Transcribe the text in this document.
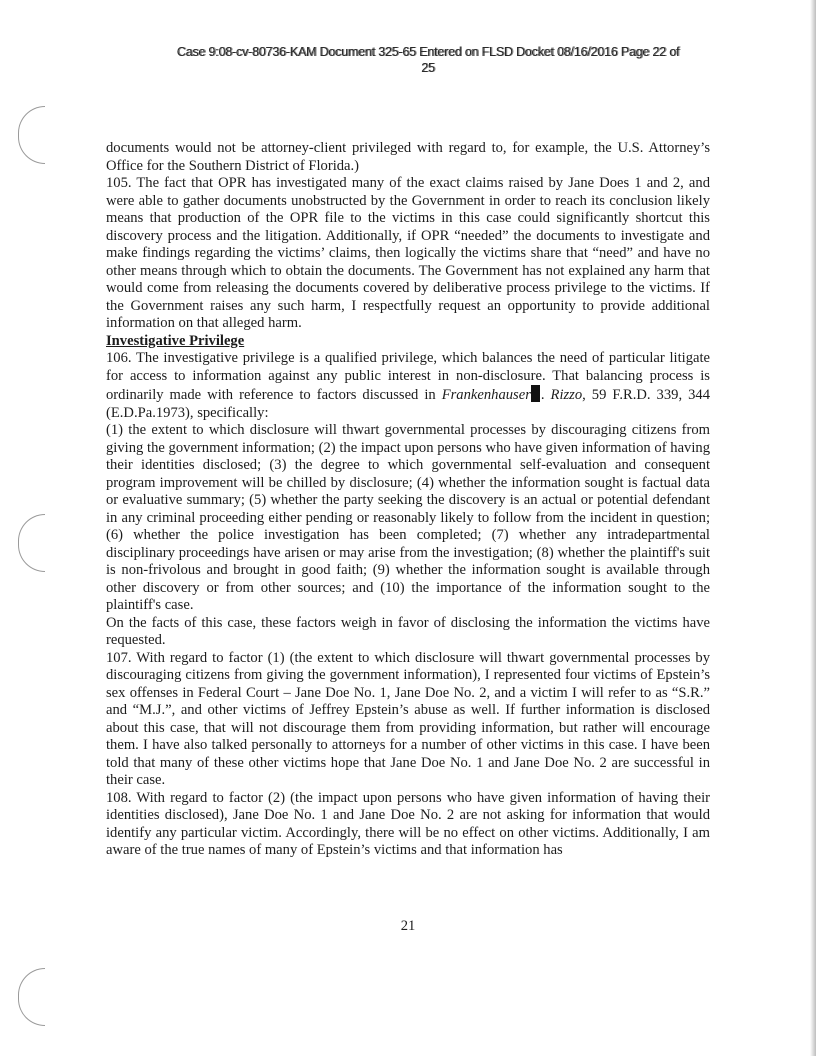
Case 9:08-cv-80736-KAM Document 325-65 Entered on FLSD Docket 08/16/2016 Page 22 of
25

documents would not be attorney-client privileged with regard to, for example, the U.S. Attorney’s Office for the Southern District of Florida.)

105. The fact that OPR has investigated many of the exact claims raised by Jane Does 1 and 2, and were able to gather documents unobstructed by the Government in order to reach its conclusion likely means that production of the OPR file to the victims in this case could significantly shortcut this discovery process and the litigation. Additionally, if OPR “needed” the documents to investigate and make findings regarding the victims’ claims, then logically the victims share that “need” and have no other means through which to obtain the documents. The Government has not explained any harm that would come from releasing the documents covered by deliberative process privilege to the victims. If the Government raises any such harm, I respectfully request an opportunity to provide additional information on that alleged harm.

Investigative Privilege

106. The investigative privilege is a qualified privilege, which balances the need of particular litigate for access to information against any public interest in non-disclosure. That balancing process is ordinarily made with reference to factors discussed in Frankenhauser . Rizzo, 59 F.R.D. 339, 344 (E.D.Pa.1973), specifically:

(1) the extent to which disclosure will thwart governmental processes by discouraging citizens from giving the government information; (2) the impact upon persons who have given information of having their identities disclosed; (3) the degree to which governmental self-evaluation and consequent program improvement will be chilled by disclosure; (4) whether the information sought is factual data or evaluative summary; (5) whether the party seeking the discovery is an actual or potential defendant in any criminal proceeding either pending or reasonably likely to follow from the incident in question; (6) whether the police investigation has been completed; (7) whether any intradepartmental disciplinary proceedings have arisen or may arise from the investigation; (8) whether the plaintiff's suit is non-frivolous and brought in good faith; (9) whether the information sought is available through other discovery or from other sources; and (10) the importance of the information sought to the plaintiff's case.

On the facts of this case, these factors weigh in favor of disclosing the information the victims have requested.

107. With regard to factor (1) (the extent to which disclosure will thwart governmental processes by discouraging citizens from giving the government information), I represented four victims of Epstein’s sex offenses in Federal Court – Jane Doe No. 1, Jane Doe No. 2, and a victim I will refer to as “S.R.” and “M.J.”, and other victims of Jeffrey Epstein’s abuse as well. If further information is disclosed about this case, that will not discourage them from providing information, but rather will encourage them. I have also talked personally to attorneys for a number of other victims in this case. I have been told that many of these other victims hope that Jane Doe No. 1 and Jane Doe No. 2 are successful in their case.

108. With regard to factor (2) (the impact upon persons who have given information of having their identities disclosed), Jane Doe No. 1 and Jane Doe No. 2 are not asking for information that would identify any particular victim. Accordingly, there will be no effect on other victims. Additionally, I am aware of the true names of many of Epstein’s victims and that information has

21
